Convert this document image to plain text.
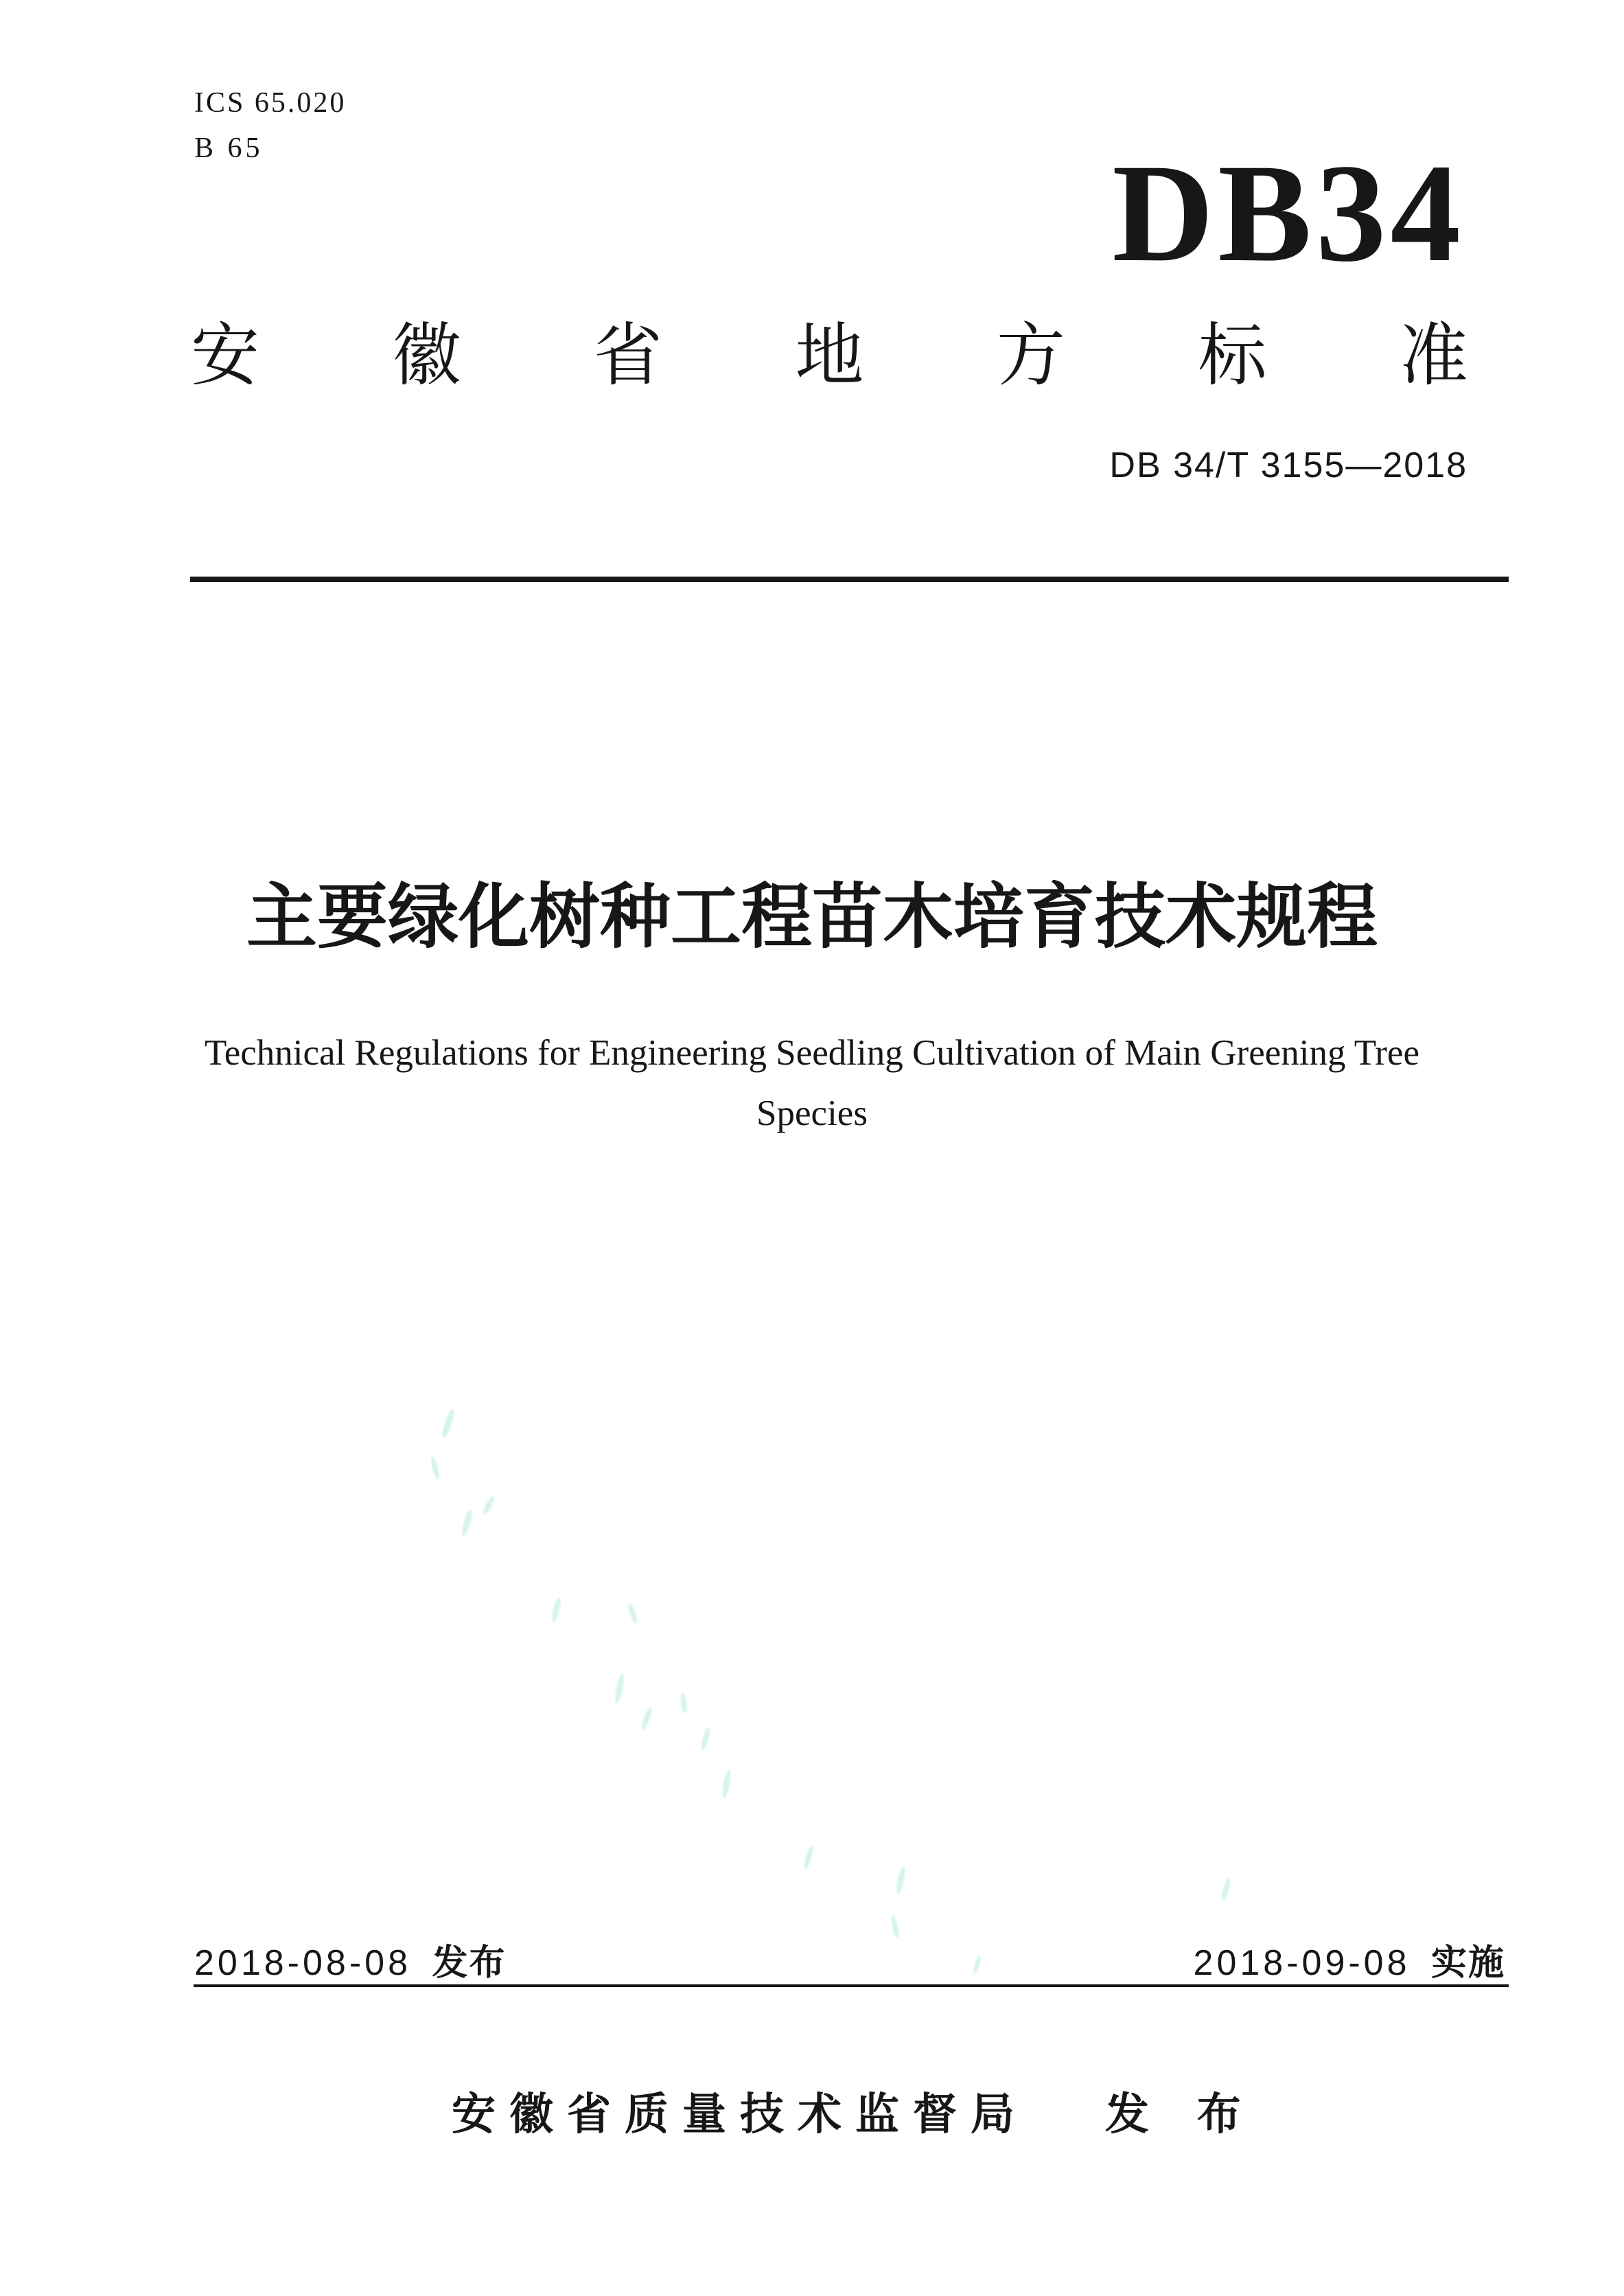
ICS 65.020
B 65	DB34
安 徽 省 地 方 标 准
DB 34/T 3155—2018
主要绿化树种工程苗木培育技术规程
Technical Regulations for Engineering Seedling Cultivation of Main Greening Tree
Species
2018-08-08 发布	2018-09-08 实施
安徽省质量技术监督局 发 布
